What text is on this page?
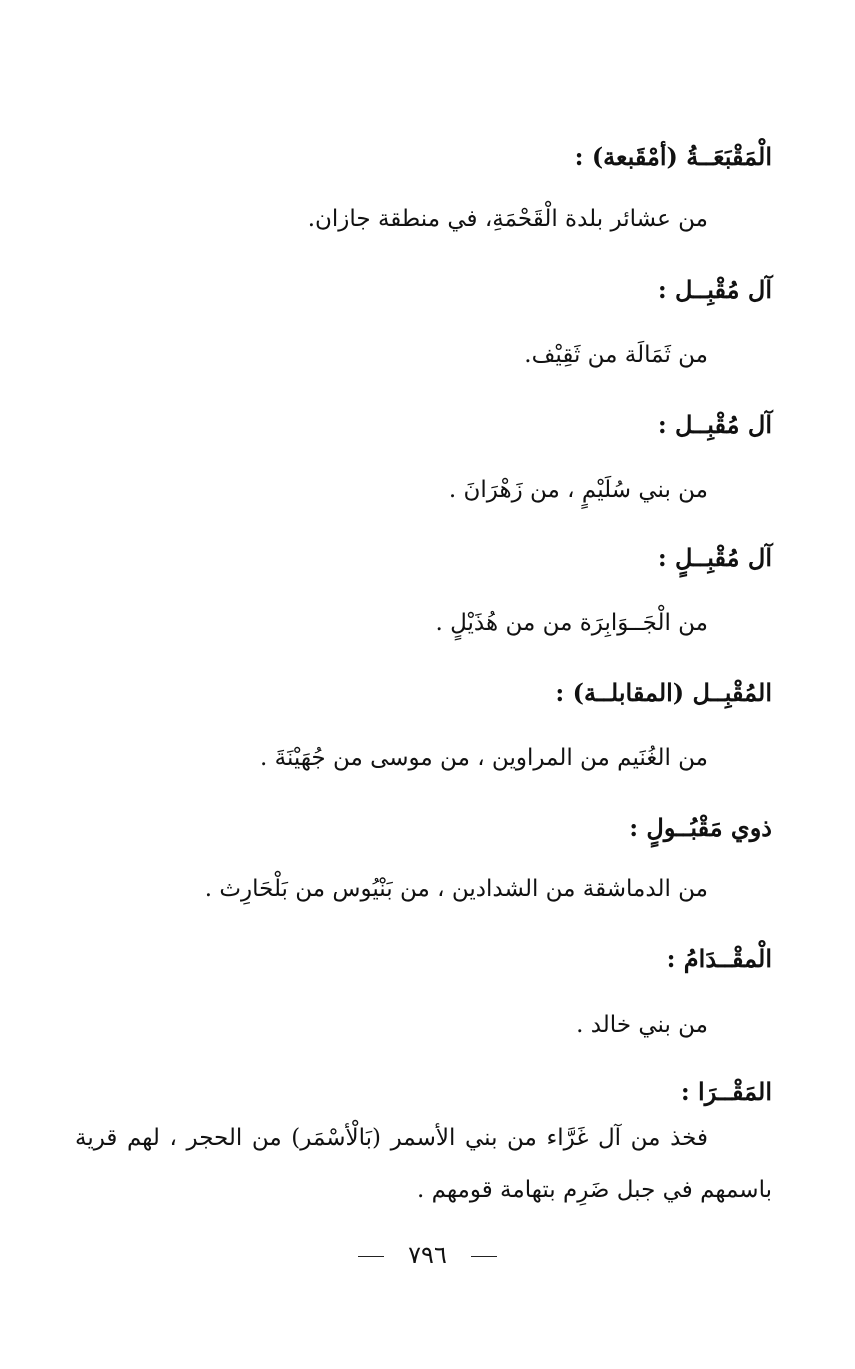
الْمَقْبَعَــةُ (أمْقَبعة) :
من عشائر بلدة الْقَحْمَةِ، في منطقة جازان.
آل مُقْبِــل :
من ثَمَالَة من ثَقِيْف.
آل مُقْبِــل :
من بني سُلَيْمٍ ، من زَهْرَانَ .
آل مُقْبِــلٍ :
من الْجَــوَابِرَة من من هُذَيْلٍ .
المُقْبِــل (المقابلــة) :
من الغُنَيم من المراوين ، من موسى من جُهَيْنَةَ .
ذوي مَقْبُــولٍ :
من الدماشقة من الشدادين ، من بَنْيُوس من بَلْحَارِث .
الْمقْــدَامُ :
من بني خالد .
المَقْــرَا :
فخذ من آل غَرَّاء من بني الأسمر (بَالْأسْمَر) من الحجر ، لهم قرية باسمهم في جبل ضَرِم بتهامة قومهم .
٧٩٦
